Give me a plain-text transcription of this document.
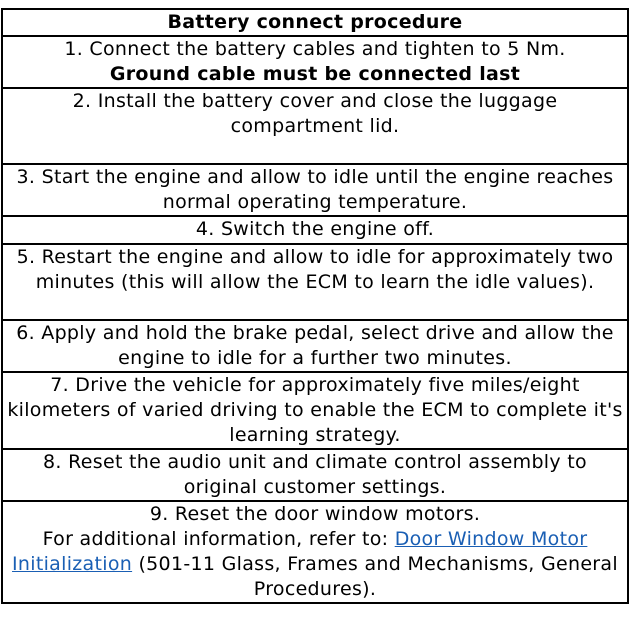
Battery connect procedure

1. Connect the battery cables and tighten to 5 Nm.
Ground cable must be connected last

2. Install the battery cover and close the luggage compartment lid.
3. Start the engine and allow to idle until the engine reaches normal operating temperature.
4. Switch the engine off.
5. Restart the engine and allow to idle for approximately two minutes (this will allow the ECM to learn the idle values).
6. Apply and hold the brake pedal, select drive and allow the engine to idle for a further two minutes.
7. Drive the vehicle for approximately five miles/eight kilometers of varied driving to enable the ECM to complete it's learning strategy.
8. Reset the audio unit and climate control assembly to original customer settings.

9. Reset the door window motors.
For additional information, refer to: Door Window Motor Initialization (501-11 Glass, Frames and Mechanisms, General Procedures).
